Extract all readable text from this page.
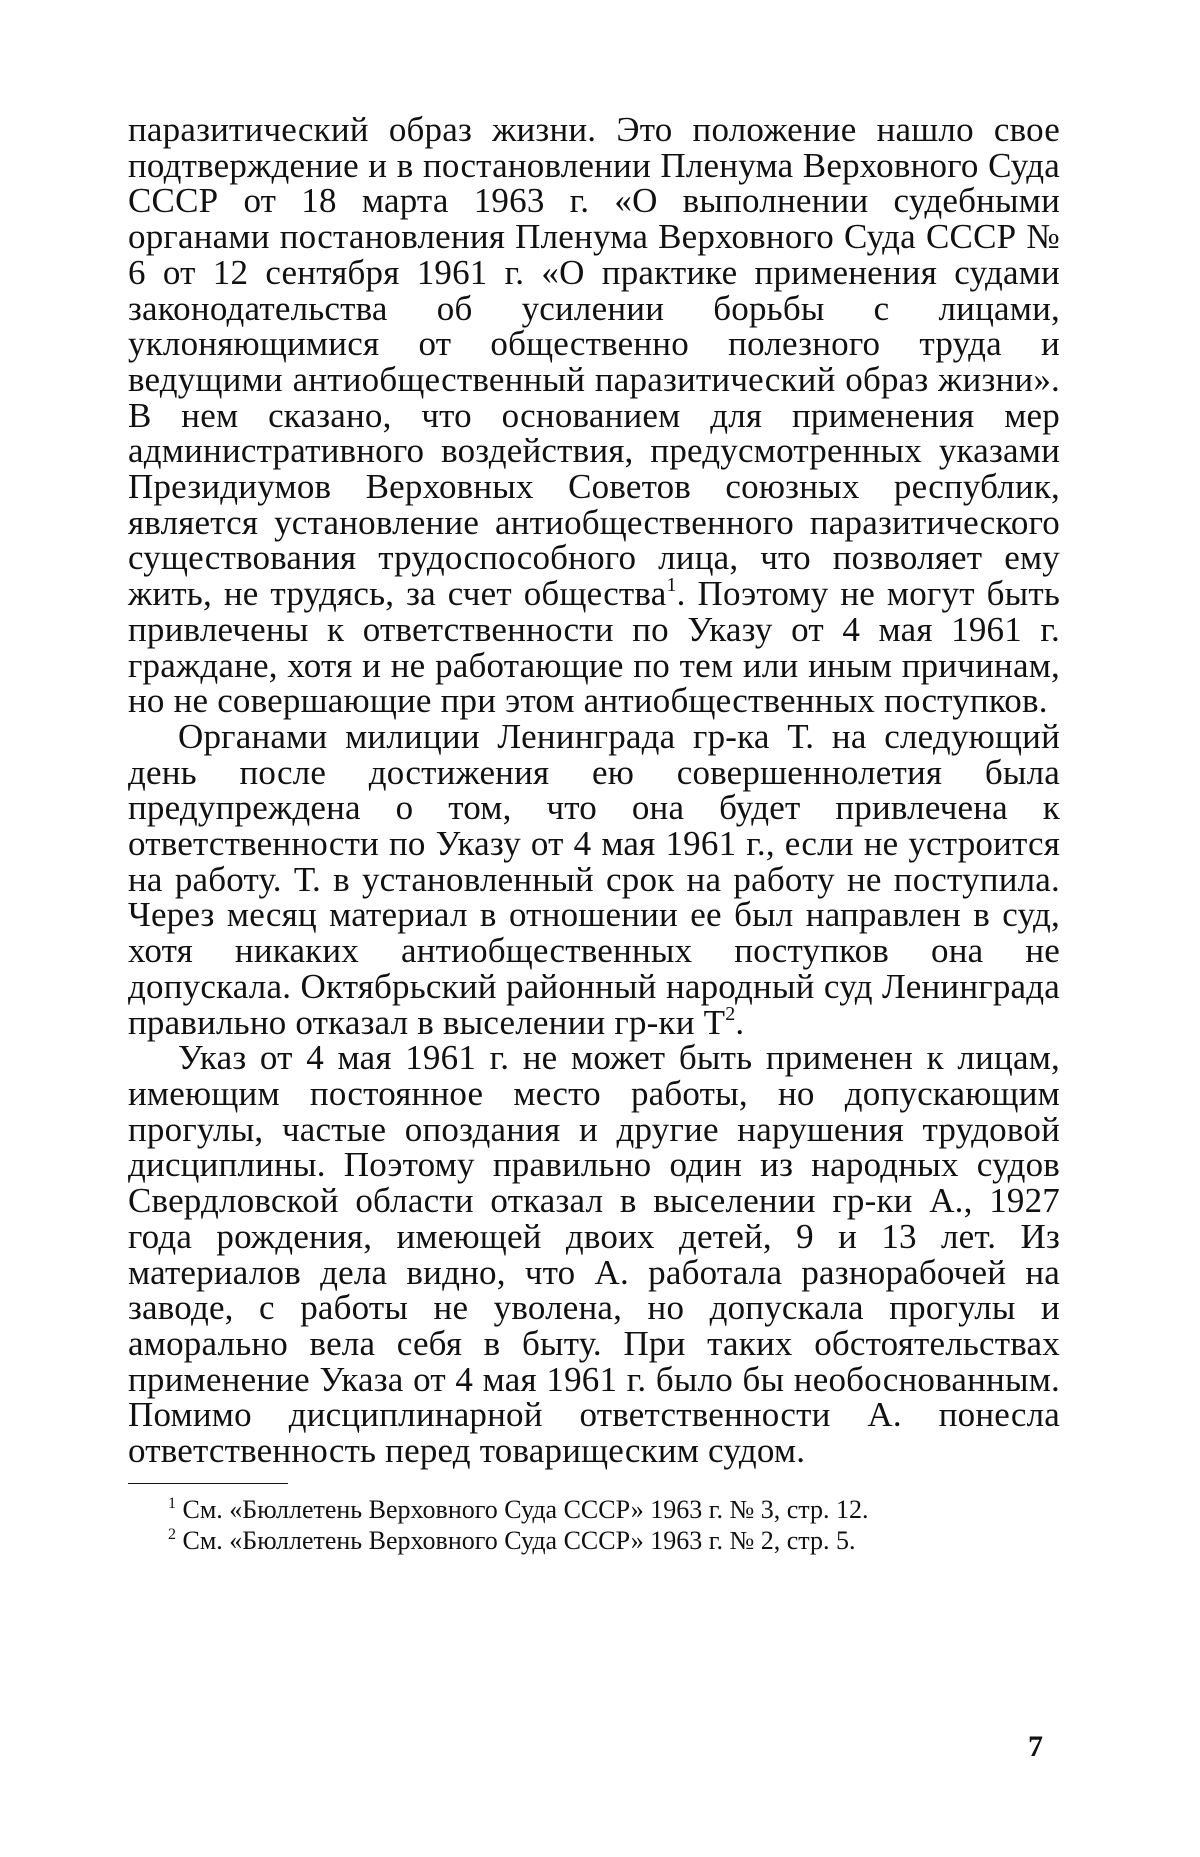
паразитический образ жизни. Это положение нашло свое подтверждение и в постановлении Пленума Верховного Суда СССР от 18 марта 1963 г. «О выполнении судебными органами постановления Пленума Верховного Суда СССР № 6 от 12 сентября 1961 г. «О практике применения судами законодательства об усилении борьбы с лицами, уклоняющимися от общественно полезного труда и ведущими антиобщественный паразитический образ жизни». В нем сказано, что основанием для применения мер административного воздействия, предусмотренных указами Президиумов Верховных Советов союзных республик, является установление антиобщественного паразитического существования трудоспособного лица, что позволяет ему жить, не трудясь, за счет общества$^1$. Поэтому не могут быть привлечены к ответственности по Указу от 4 мая 1961 г. граждане, хотя и не работающие по тем или иным причинам, но не совершающие при этом антиобщественных поступков.

Органами милиции Ленинграда гр-ка Т. на следующий день после достижения ею совершеннолетия была предупреждена о том, что она будет привлечена к ответственности по Указу от 4 мая 1961 г., если не устроится на работу. Т. в установленный срок на работу не поступила. Через месяц материал в отношении ее был направлен в суд, хотя никаких антиобщественных поступков она не допускала. Октябрьский районный народный суд Ленинграда правильно отказал в выселении гр-ки $Т^2$.

Указ от 4 мая 1961 г. не может быть применен к лицам, имеющим постоянное место работы, но допускающим прогулы, частые опоздания и другие нарушения трудовой дисциплины. Поэтому правильно один из народных судов Свердловской области отказал в выселении гр-ки А., 1927 года рождения, имеющей двоих детей, 9 и 13 лет. Из материалов дела видно, что А. работала разнорабочей на заводе, с работы не уволена, но допускала прогулы и аморально вела себя в быту. При таких обстоятельствах применение Указа от 4 мая 1961 г. было бы необоснованным. Помимо дисциплинарной ответственности А. понесла ответственность перед товарищеским судом.

$^1$ См. «Бюллетень Верховного Суда СССР» 1963 г. № 3, стр. 12.

$^2$ См. «Бюллетень Верховного Суда СССР» 1963 г. № 2, стр. 5.

7
